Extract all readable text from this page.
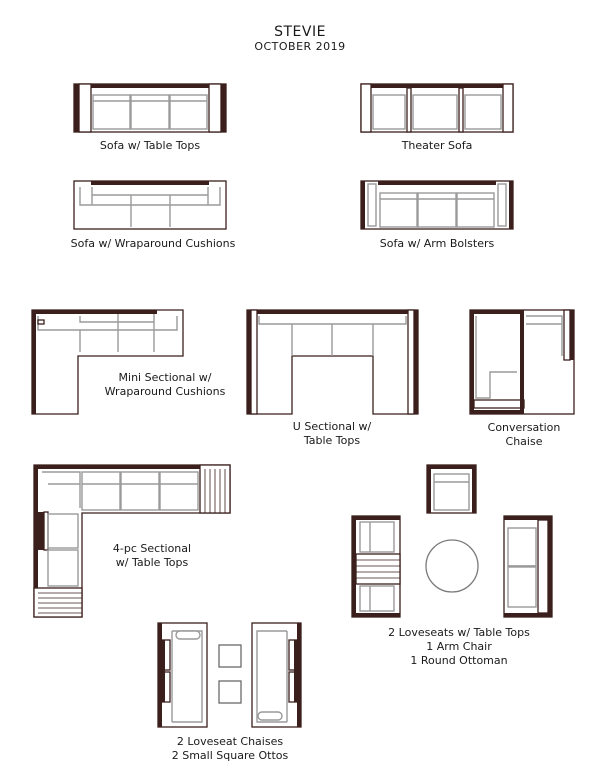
STEVIE
OCTOBER 2019
Sofa w/ Table Tops	Theater Sofa
Sofa w/ Wraparound Cushions	Sofa w/ Arm Bolsters
Mini Sectional w/
Wraparound Cushions
U Sectional w/
Table Tops
Conversation
Chaise
4-pc Sectional
w/ Table Tops
2 Loveseats w/ Table Tops
1 Arm Chair
1 Round Ottoman
2 Loveseat Chaises
2 Small Square Ottos
